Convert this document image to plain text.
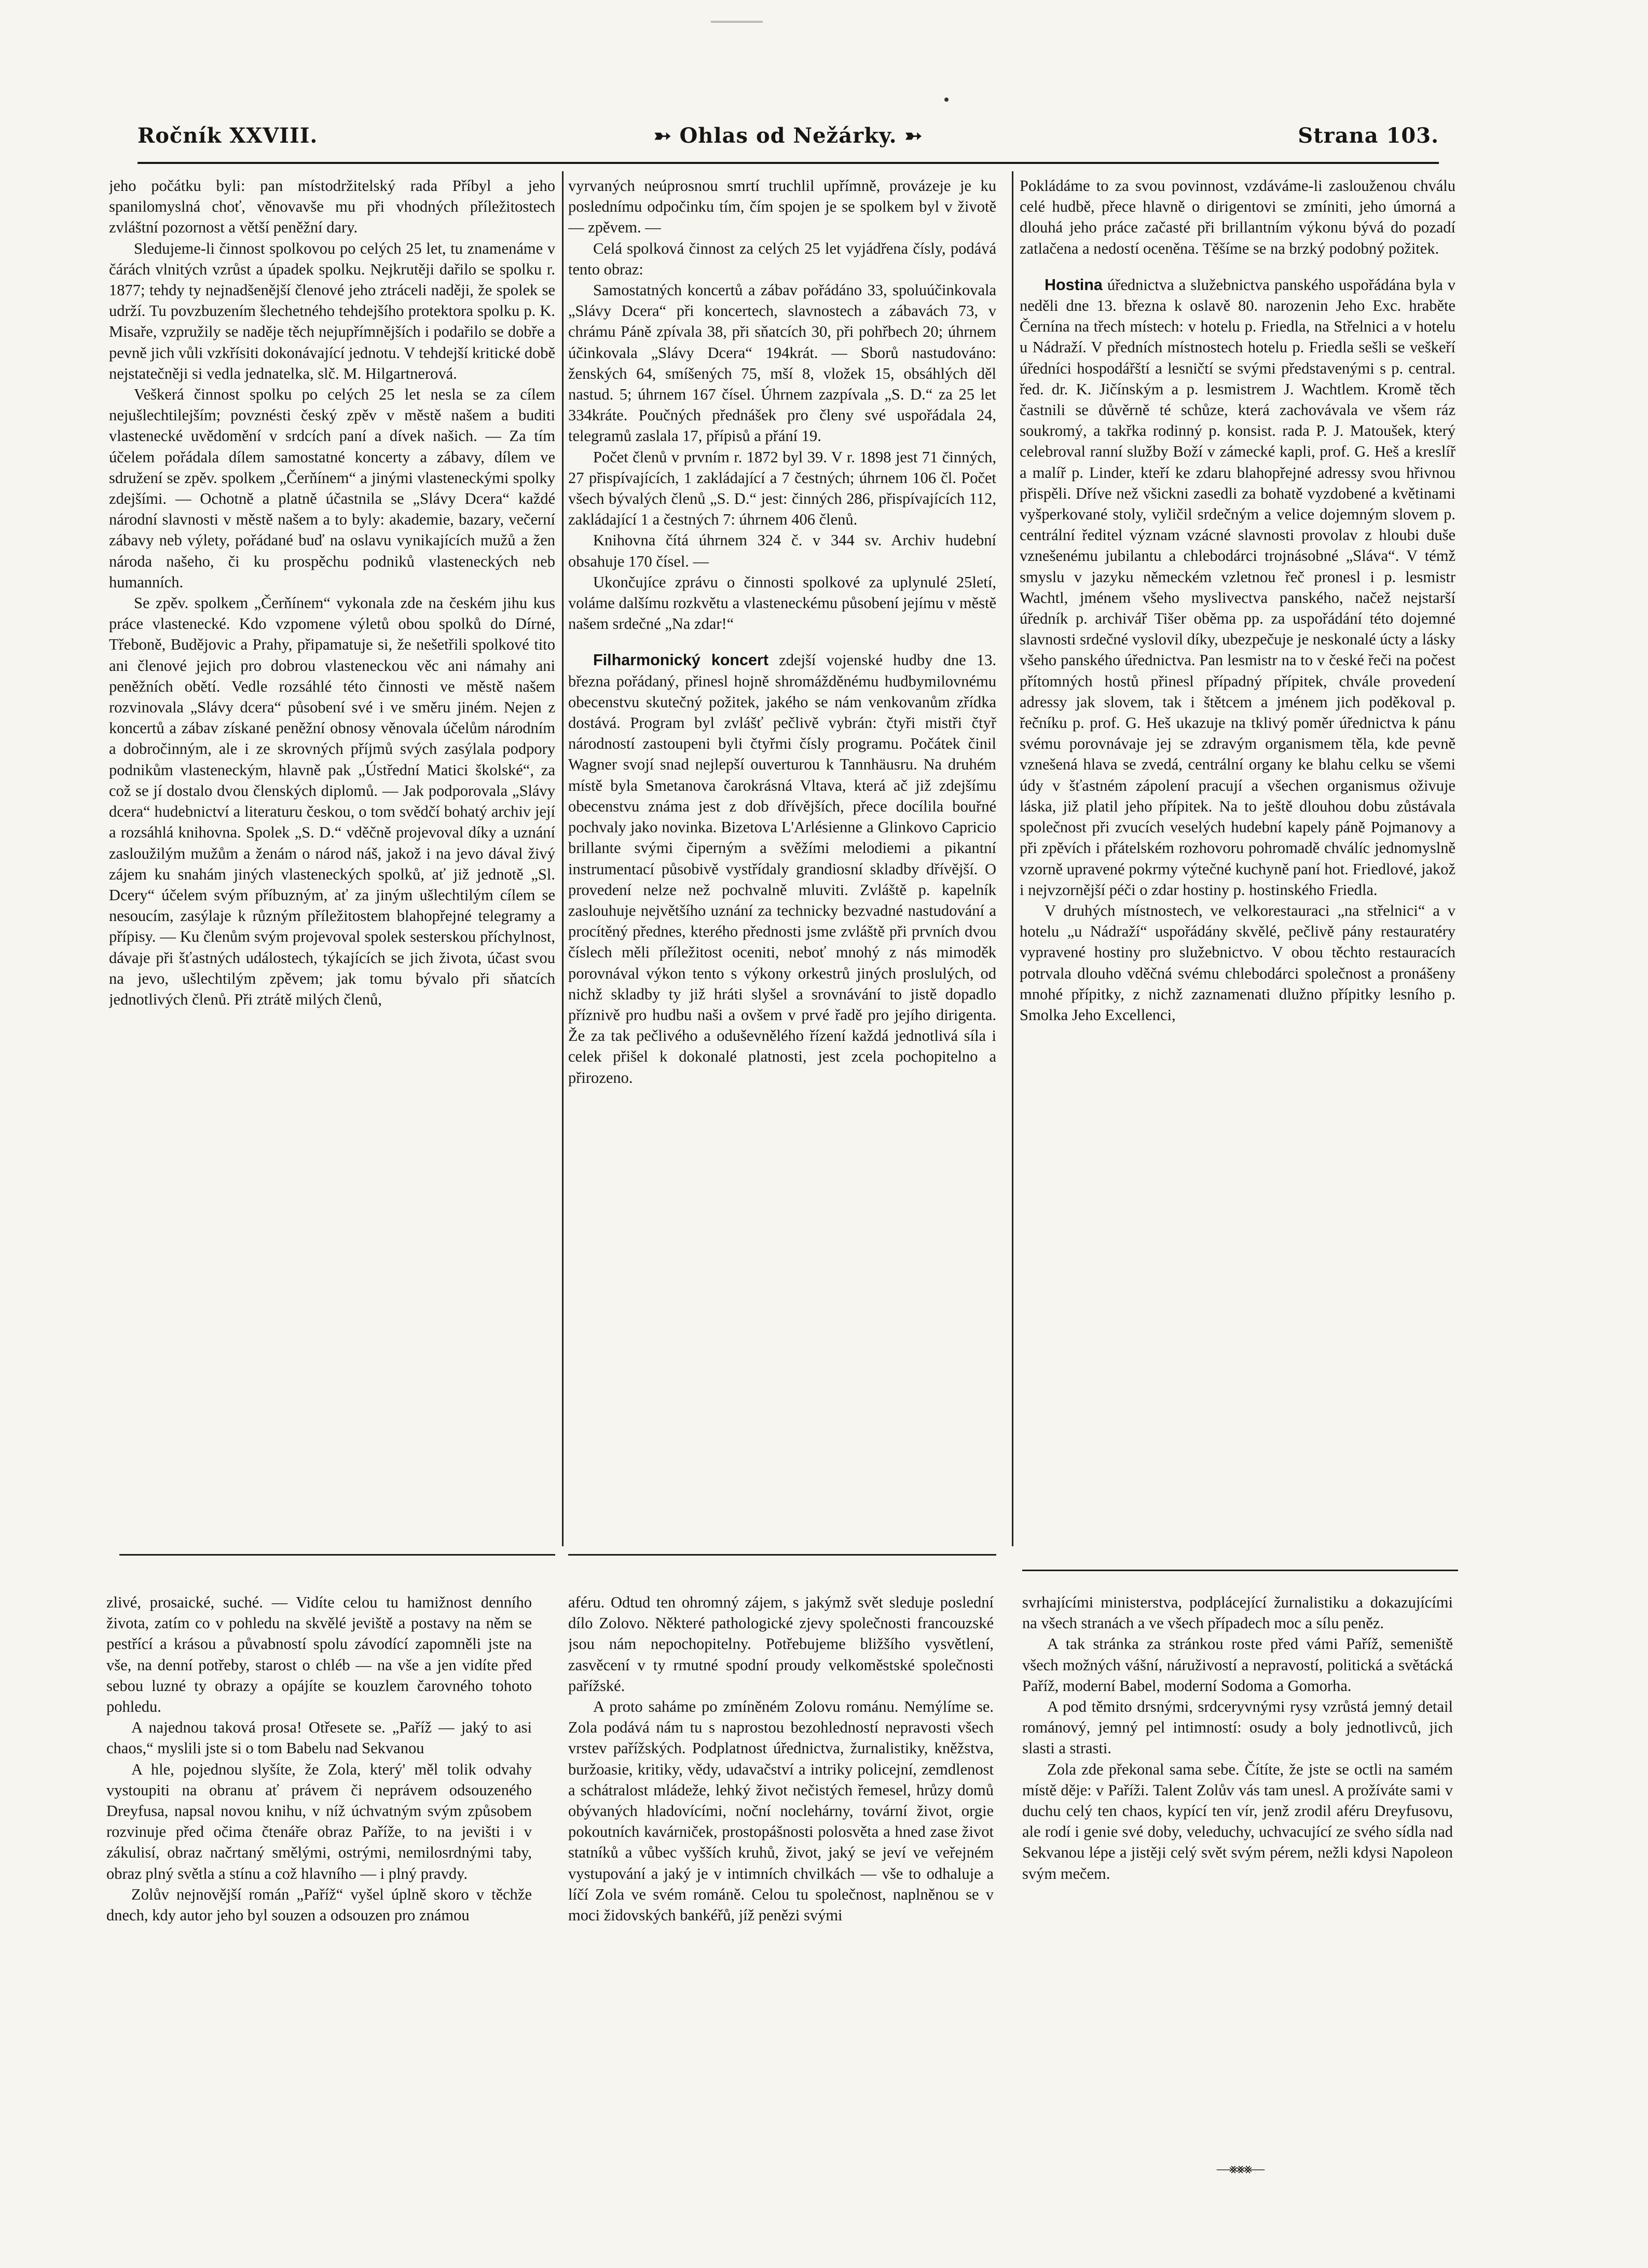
Ročník XXVIII.	➳ Ohlas od Nežárky. ➳	Strana 103.

jeho počátku byli: pan místodržitelský rada Příbyl a jeho spanilomyslná choť, věnovavše mu při vhodných příležitostech zvláštní pozornost a větší peněžní dary.

Sledujeme-li činnost spolkovou po celých 25 let, tu znamenáme v čárách vlnitých vzrůst a úpadek spolku. Nejkrutěji dařilo se spolku r. 1877; tehdy ty nejnadšenější členové jeho ztráceli naději, že spolek se udrží. Tu povzbuzením šlechetného tehdejšího protektora spolku p. K. Misaře, vzpružily se naděje těch nejupřímnějších i podařilo se dobře a pevně jich vůli vzkřísiti dokonávající jednotu. V tehdejší kritické době nejstatečněji si vedla jednatelka, slč. M. Hilgartnerová.

Veškerá činnost spolku po celých 25 let nesla se za cílem nejušlechtilejším; povznésti český zpěv v městě našem a buditi vlastenecké uvědomění v srdcích paní a dívek našich. — Za tím účelem pořádala dílem samostatné koncerty a zábavy, dílem ve sdružení se zpěv. spolkem „Čerňínem“ a jinými vlasteneckými spolky zdejšími. — Ochotně a platně účastnila se „Slávy Dcera“ každé národní slavnosti v městě našem a to byly: akademie, bazary, večerní zábavy neb výlety, pořádané buď na oslavu vynikajících mužů a žen národa našeho, či ku prospěchu podniků vlasteneckých neb humanních.

Se zpěv. spolkem „Čerňínem“ vykonala zde na českém jihu kus práce vlastenecké. Kdo vzpomene výletů obou spolků do Dírné, Třeboně, Budějovic a Prahy, připamatuje si, že nešetřili spolkové tito ani členové jejich pro dobrou vlasteneckou věc ani námahy ani peněžních obětí. Vedle rozsáhlé této činnosti ve městě našem rozvinovala „Slávy dcera“ působení své i ve směru jiném. Nejen z koncertů a zábav získané peněžní obnosy věnovala účelům národním a dobročinným, ale i ze skrovných příjmů svých zasýlala podpory podnikům vlasteneckým, hlavně pak „Ústřední Matici školské“, za což se jí dostalo dvou členských diplomů. — Jak podporovala „Slávy dcera“ hudebnictví a literaturu českou, o tom svědčí bohatý archiv její a rozsáhlá knihovna. Spolek „S. D.“ vděčně projevoval díky a uznání zasloužilým mužům a ženám o národ náš, jakož i na jevo dával živý zájem ku snahám jiných vlasteneckých spolků, ať již jednotě „Sl. Dcery“ účelem svým příbuzným, ať za jiným ušlechtilým cílem se nesoucím, zasýlaje k různým příležitostem blahopřejné telegramy a přípisy. — Ku členům svým projevoval spolek sesterskou příchylnost, dávaje při šťastných událostech, týkajících se jich života, účast svou na jevo, ušlechtilým zpěvem; jak tomu bývalo při sňatcích jednotlivých členů. Při ztrátě milých členů,

vyrvaných neúprosnou smrtí truchlil upřímně, provázeje je ku poslednímu odpočinku tím, čím spojen je se spolkem byl v životě — zpěvem. —

Celá spolková činnost za celých 25 let vyjádřena čísly, podává tento obraz:

Samostatných koncertů a zábav pořádáno 33, spoluúčinkovala „Slávy Dcera“ při koncertech, slavnostech a zábavách 73, v chrámu Páně zpívala 38, při sňatcích 30, při pohřbech 20; úhrnem účinkovala „Slávy Dcera“ 194krát. — Sborů nastudováno: ženských 64, smíšených 75, mší 8, vložek 15, obsáhlých děl nastud. 5; úhrnem 167 čísel. Úhrnem zazpívala „S. D.“ za 25 let 334kráte. Poučných přednášek pro členy své uspořádala 24, telegramů zaslala 17, přípisů a přání 19.

Počet členů v prvním r. 1872 byl 39. V r. 1898 jest 71 činných, 27 přispívajících, 1 zakládající a 7 čestných; úhrnem 106 čl. Počet všech bývalých členů „S. D.“ jest: činných 286, přispívajících 112, zakládající 1 a čestných 7: úhrnem 406 členů.

Knihovna čítá úhrnem 324 č. v 344 sv. Archiv hudební obsahuje 170 čísel. —

Ukončujíce zprávu o činnosti spolkové za uplynulé 25letí, voláme dalšímu rozkvětu a vlasteneckému působení jejímu v městě našem srdečné „Na zdar!“

Filharmonický koncert zdejší vojenské hudby dne 13. března pořádaný, přinesl hojně shromážděnému hudbymilovnému obecenstvu skutečný požitek, jakého se nám venkovanům zřídka dostává. Program byl zvlášť pečlivě vybrán: čtyři mistři čtyř národností zastoupeni byli čtyřmi čísly programu. Počátek činil Wagner svojí snad nejlepší ouverturou k Tannhäusru. Na druhém místě byla Smetanova čarokrásná Vltava, která ač již zdejšímu obecenstvu známa jest z dob dřívějších, přece docílila bouřné pochvaly jako novinka. Bizetova L'Arlésienne a Glinkovo Capricio brillante svými čiperným a svěžími melodiemi a pikantní instrumentací působivě vystřídaly grandiosní skladby dřívější. O provedení nelze než pochvalně mluviti. Zvláště p. kapelník zaslouhuje největšího uznání za technicky bezvadné nastudování a procítěný přednes, kterého přednosti jsme zvláště při prvních dvou číslech měli příležitost oceniti, neboť mnohý z nás mimoděk porovnával výkon tento s výkony orkestrů jiných proslulých, od nichž skladby ty již hráti slyšel a srovnávání to jistě dopadlo příznivě pro hudbu naši a ovšem v prvé řadě pro jejího dirigenta. Že za tak pečlivého a oduševnělého řízení každá jednotlivá síla i celek přišel k dokonalé platnosti, jest zcela pochopitelno a přirozeno.

Pokládáme to za svou povinnost, vzdáváme-li zaslouženou chválu celé hudbě, přece hlavně o dirigentovi se zmíniti, jeho úmorná a dlouhá jeho práce začasté při brillantním výkonu bývá do pozadí zatlačena a nedostí oceněna. Těšíme se na brzký podobný požitek.

Hostina úřednictva a služebnictva panského uspořádána byla v neděli dne 13. března k oslavě 80. narozenin Jeho Exc. hraběte Černína na třech místech: v hotelu p. Friedla, na Střelnici a v hotelu u Nádraží. V předních místnostech hotelu p. Friedla sešli se veškeří úředníci hospodářští a lesničtí se svými představenými s p. central. řed. dr. K. Jičínským a p. lesmistrem J. Wachtlem. Kromě těch častnili se důvěrně té schůze, která zachovávala ve všem ráz soukromý, a takřka rodinný p. konsist. rada P. J. Matoušek, který celebroval ranní služby Boží v zámecké kapli, prof. G. Heš a kreslíř a malíř p. Linder, kteří ke zdaru blahopřejné adressy svou hřivnou přispěli. Dříve než všickni zasedli za bohatě vyzdobené a květinami vyšperkované stoly, vyličil srdečným a velice dojemným slovem p. centrální ředitel význam vzácné slavnosti provolav z hloubi duše vznešenému jubilantu a chlebodárci trojnásobné „Sláva“. V témž smyslu v jazyku německém vzletnou řeč pronesl i p. lesmistr Wachtl, jménem všeho myslivectva panského, načež nejstarší úředník p. archivář Tišer oběma pp. za uspořádání této dojemné slavnosti srdečné vyslovil díky, ubezpečuje je neskonalé úcty a lásky všeho panského úřednictva. Pan lesmistr na to v české řeči na počest přítomných hostů přinesl případný přípitek, chvále provedení adressy jak slovem, tak i štětcem a jménem jich poděkoval p. řečníku p. prof. G. Heš ukazuje na tklivý poměr úřednictva k pánu svému porovnávaje jej se zdravým organismem těla, kde pevně vznešená hlava se zvedá, centrální organy ke blahu celku se všemi údy v šťastném zápolení pracují a všechen organismus oživuje láska, již platil jeho přípitek. Na to ještě dlouhou dobu zůstávala společnost při zvucích veselých hudební kapely páně Pojmanovy a při zpěvích i přátelském rozhovoru pohromadě chválíc jednomyslně vzorně upravené pokrmy výtečné kuchyně paní hot. Friedlové, jakož i nejvzornější péči o zdar hostiny p. hostinského Friedla.

V druhých místnostech, ve velkorestauraci „na střelnici“ a v hotelu „u Nádraží“ uspořádány skvělé, pečlivě pány restauratéry vypravené hostiny pro služebnictvo. V obou těchto restauracích potrvala dlouho vděčná svému chlebodárci společnost a pronášeny mnohé přípitky, z nichž zaznamenati dlužno přípitky lesního p. Smolka Jeho Excellenci,

zlivé, prosaické, suché. — Vidíte celou tu hamižnost denního života, zatím co v pohledu na skvělé jeviště a postavy na něm se pestřící a krásou a půvabností spolu závodící zapomněli jste na vše, na denní potřeby, starost o chléb — na vše a jen vidíte před sebou luzné ty obrazy a opájíte se kouzlem čarovného tohoto pohledu.

A najednou taková prosa! Otřesete se. „Paříž — jaký to asi chaos,“ myslili jste si o tom Babelu nad Sekvanou

A hle, pojednou slyšíte, že Zola, který' měl tolik odvahy vystoupiti na obranu ať právem či neprávem odsouzeného Dreyfusa, napsal novou knihu, v níž úchvatným svým způsobem rozvinuje před očima čtenáře obraz Paříže, to na jevišti i v zákulisí, obraz načrtaný smělými, ostrými, nemilosrdnými taby, obraz plný světla a stínu a což hlavního — i plný pravdy.

Zolův nejnovější román „Paříž“ vyšel úplně skoro v těchže dnech, kdy autor jeho byl souzen a odsouzen pro známou

aféru. Odtud ten ohromný zájem, s jakýmž svět sleduje poslední dílo Zolovo. Některé pathologické zjevy společnosti francouzské jsou nám nepochopitelny. Potřebujeme bližšího vysvětlení, zasvěcení v ty rmutné spodní proudy velkoměstské společnosti pařížské.

A proto saháme po zmíněném Zolovu románu. Nemýlíme se. Zola podává nám tu s naprostou bezohledností nepravosti všech vrstev pařížských. Podplatnost úřednictva, žurnalistiky, kněžstva, buržoasie, kritiky, vědy, udavačství a intriky policejní, zemdlenost a schátralost mládeže, lehký život nečistých řemesel, hrůzy domů obývaných hladovícími, noční noclehárny, tovární život, orgie pokoutních kavárniček, prostopášnosti polosvěta a hned zase život statníků a vůbec vyšších kruhů, život, jaký se jeví ve veřejném vystupování a jaký je v intimních chvilkách — vše to odhaluje a líčí Zola ve svém románě. Celou tu společnost, naplněnou se v moci židovských bankéřů, jíž penězi svými

svrhajícími ministerstva, podplácející žurnalistiku a dokazujícími na všech stranách a ve všech případech moc a sílu peněz.

A tak stránka za stránkou roste před vámi Paříž, semeniště všech možných vášní, náruživostí a nepravostí, politická a světácká Paříž, moderní Babel, moderní Sodoma a Gomorha.

A pod těmito drsnými, srdceryvnými rysy vzrůstá jemný detail románový, jemný pel intimností: osudy a boly jednotlivců, jich slasti a strasti.

Zola zde překonal sama sebe. Čítíte, že jste se octli na samém místě děje: v Paříži. Talent Zolův vás tam unesl. A prožíváte sami v duchu celý ten chaos, kypící ten vír, jenž zrodil aféru Dreyfusovu, ale rodí i genie své doby, veleduchy, uchvacující ze svého sídla nad Sekvanou lépe a jistěji celý svět svým pérem, nežli kdysi Napoleon svým mečem.

—⨳⨳⨳—
